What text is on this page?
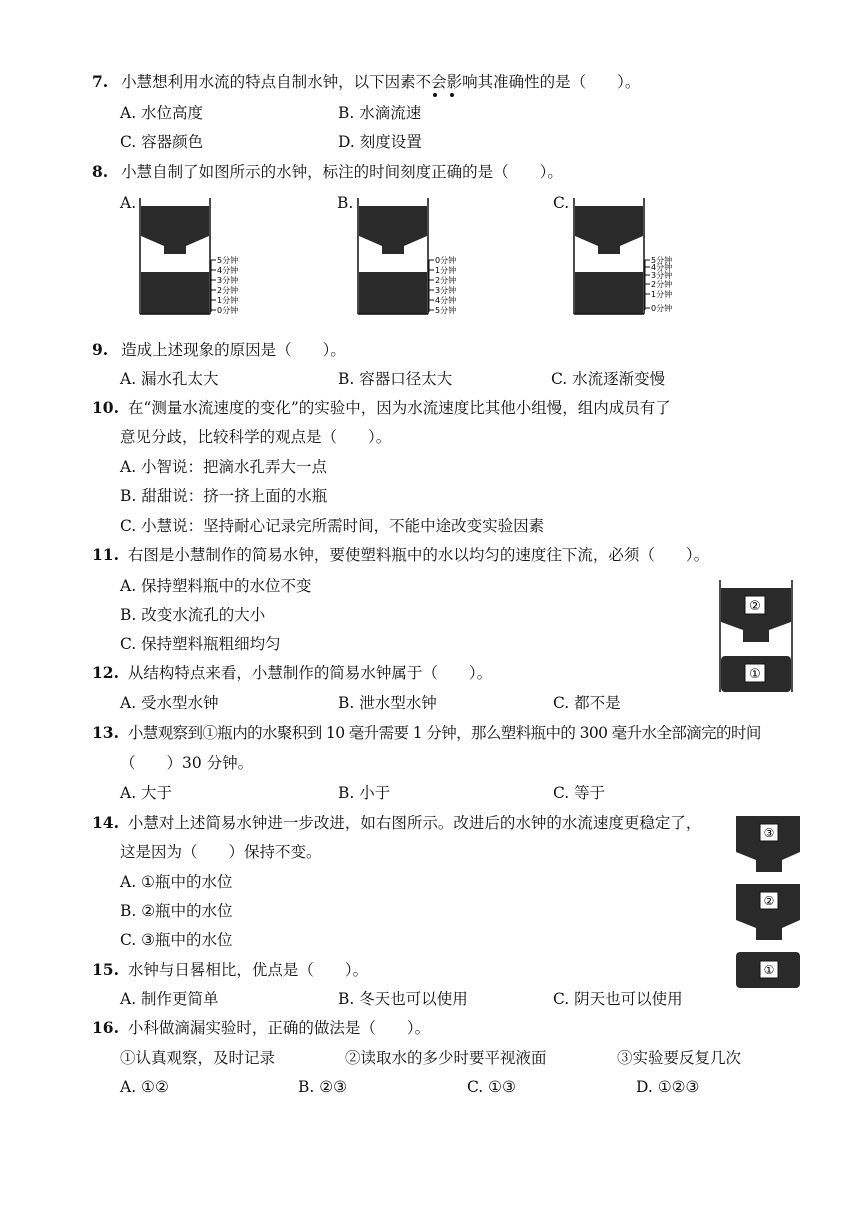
7. 小慧想利用水流的特点自制水钟，以下因素不会影响其准确性的是（　　）。
A. 水位高度	B. 水滴流速
C. 容器颜色	D. 刻度设置
8. 小慧自制了如图所示的水钟，标注的时间刻度正确的是（　　）。
A.	B.	C.
5分钟
4分钟
3分钟
2分钟
1分钟
0分钟
0分钟
1分钟
2分钟
3分钟
4分钟
5分钟
5分钟
4分钟
3分钟
2分钟
1分钟
0分钟
9. 造成上述现象的原因是（　　）。
A. 漏水孔太大	B. 容器口径太大	C. 水流逐渐变慢
10. 在“测量水流速度的变化”的实验中，因为水流速度比其他小组慢，组内成员有了
意见分歧，比较科学的观点是（　　）。
A. 小智说：把滴水孔弄大一点
B. 甜甜说：挤一挤上面的水瓶
C. 小慧说：坚持耐心记录完所需时间，不能中途改变实验因素
11. 右图是小慧制作的简易水钟，要使塑料瓶中的水以均匀的速度往下流，必须（　　）。
A. 保持塑料瓶中的水位不变
B. 改变水流孔的大小
C. 保持塑料瓶粗细均匀
②
①
12. 从结构特点来看，小慧制作的简易水钟属于（　　）。
A. 受水型水钟	B. 泄水型水钟	C. 都不是
13. 小慧观察到①瓶内的水聚积到 10 毫升需要 1 分钟，那么塑料瓶中的 300 毫升水全部滴完的时间
（　　）30 分钟。
A. 大于	B. 小于	C. 等于
14. 小慧对上述简易水钟进一步改进，如右图所示。改进后的水钟的水流速度更稳定了，
这是因为（　　）保持不变。
A. ①瓶中的水位
B. ②瓶中的水位
C. ③瓶中的水位
③
②
①
15. 水钟与日晷相比，优点是（　　）。
A. 制作更简单	B. 冬天也可以使用	C. 阴天也可以使用
16. 小科做滴漏实验时，正确的做法是（　　）。
①认真观察，及时记录	②读取水的多少时要平视液面	③实验要反复几次
A. ①②	B. ②③	C. ①③	D. ①②③
